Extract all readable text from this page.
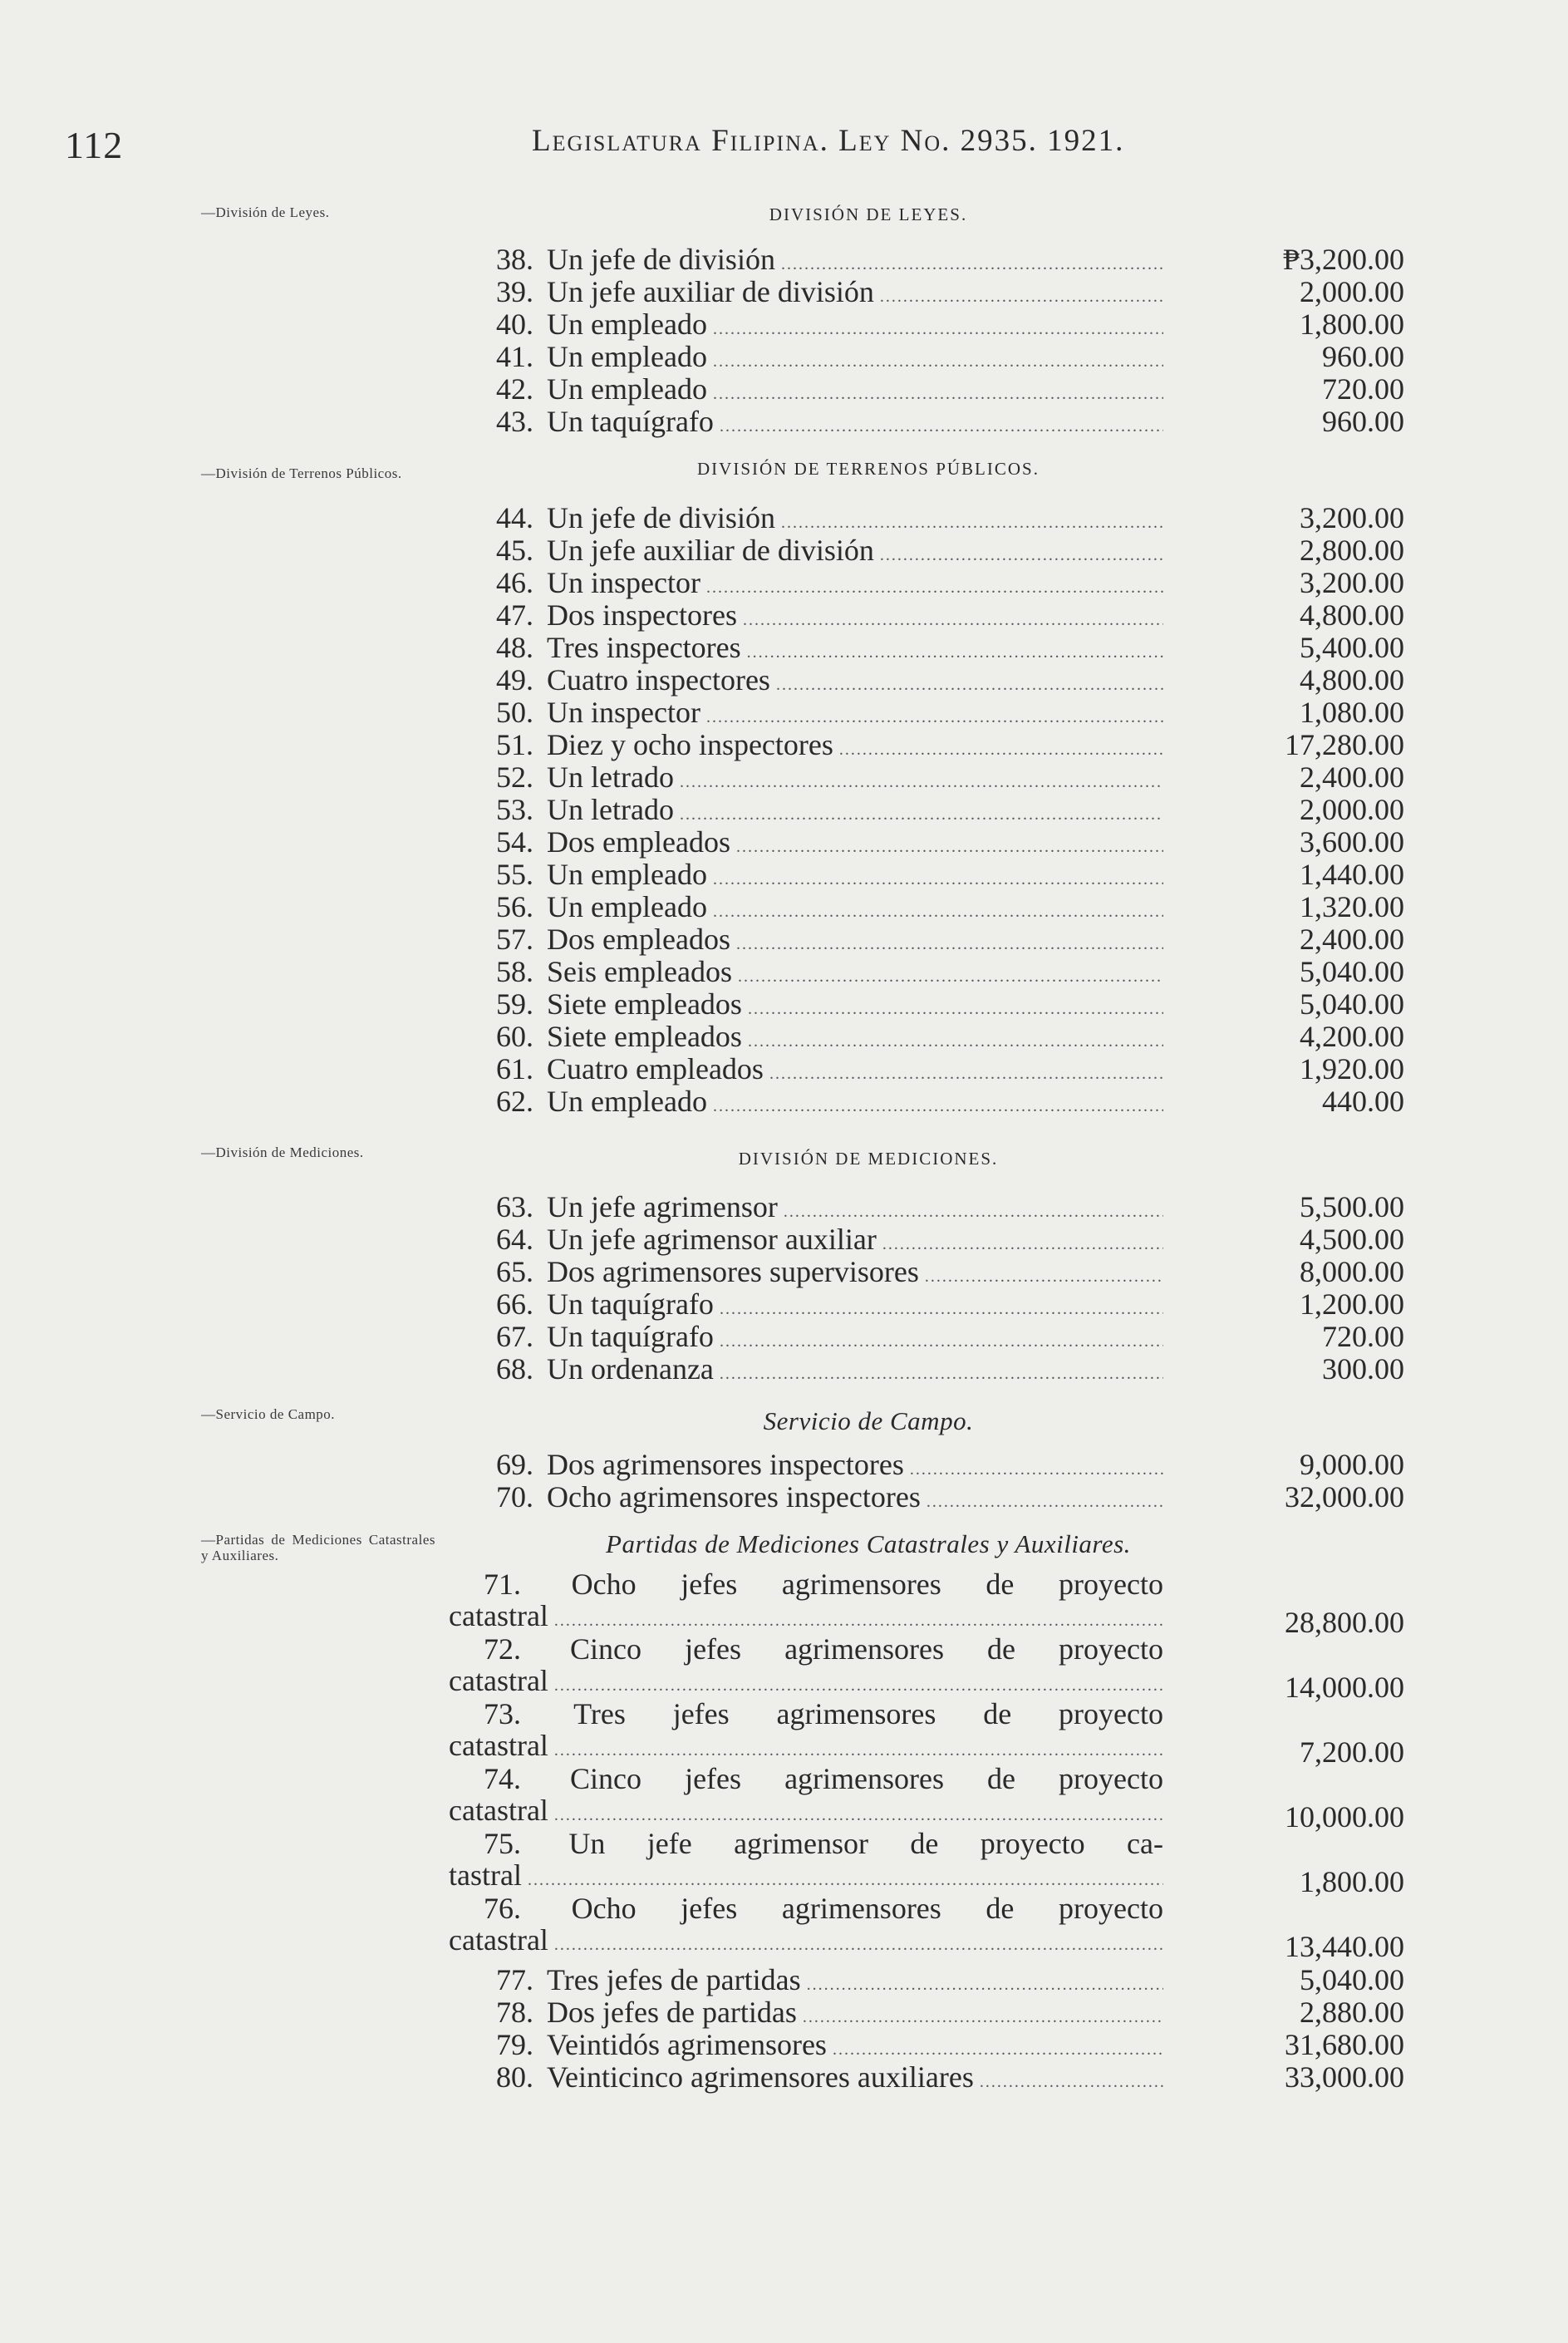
112	Legislatura Filipina. Ley No. 2935. 1921.
—División de Leyes.
—División de Terrenos Públicos.
—División de Mediciones.
—Servicio de Campo.
—Partidas de Mediciones Catastrales y Auxiliares.
DIVISIÓN DE LEYES.
DIVISIÓN DE TERRENOS PÚBLICOS.
DIVISIÓN DE MEDICIONES.
Servicio de Campo.
Partidas de Mediciones Catastrales y Auxiliares.
38. Un jefe de división .....	₱3,200.00
39. Un jefe auxiliar de división .....	2,000.00
40. Un empleado .....	1,800.00
41. Un empleado .....	960.00
42. Un empleado .....	720.00
43. Un taquígrafo .....	960.00
44. Un jefe de división .....	3,200.00
45. Un jefe auxiliar de división .....	2,800.00
46. Un inspector .....	3,200.00
47. Dos inspectores .....	4,800.00
48. Tres inspectores .....	5,400.00
49. Cuatro inspectores .....	4,800.00
50. Un inspector .....	1,080.00
51. Diez y ocho inspectores .....	17,280.00
52. Un letrado .....	2,400.00
53. Un letrado .....	2,000.00
54. Dos empleados .....	3,600.00
55. Un empleado .....	1,440.00
56. Un empleado .....	1,320.00
57. Dos empleados .....	2,400.00
58. Seis empleados .....	5,040.00
59. Siete empleados .....	5,040.00
60. Siete empleados .....	4,200.00
61. Cuatro empleados .....	1,920.00
62. Un empleado .....	440.00
63. Un jefe agrimensor .....	5,500.00
64. Un jefe agrimensor auxiliar .....	4,500.00
65. Dos agrimensores supervisores .....	8,000.00
66. Un taquígrafo .....	1,200.00
67. Un taquígrafo .....	720.00
68. Un ordenanza .....	300.00
69. Dos agrimensores inspectores .....	9,000.00
70. Ocho agrimensores inspectores .....	32,000.00
71. Ocho jefes agrimensores de proyecto
catastral .....	28,800.00
72. Cinco jefes agrimensores de proyecto
catastral .....	14,000.00
73. Tres jefes agrimensores de proyecto
catastral .....	7,200.00
74. Cinco jefes agrimensores de proyecto
catastral .....	10,000.00
75. Un jefe agrimensor de proyecto ca-
tastral .....	1,800.00
76. Ocho jefes agrimensores de proyecto
catastral .....	13,440.00
77. Tres jefes de partidas .....	5,040.00
78. Dos jefes de partidas .....	2,880.00
79. Veintidós agrimensores .....	31,680.00
80. Veinticinco agrimensores auxiliares .....	33,000.00
